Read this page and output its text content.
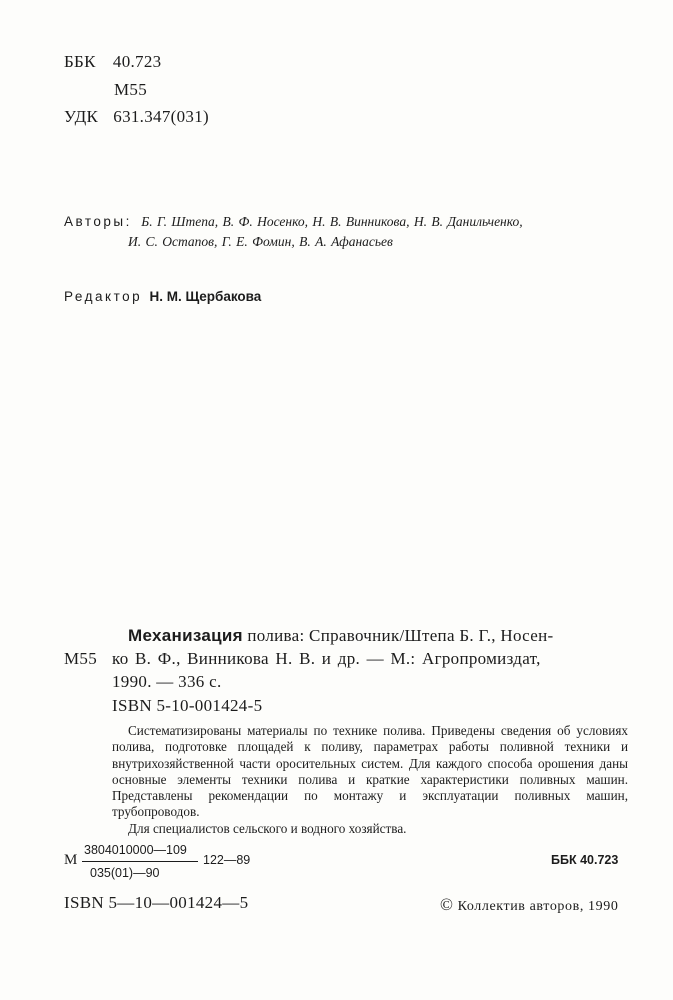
ББК 40.723
М55
УДК 631.347(031)
Авторы: Б. Г. Штепа, В. Ф. Носенко, Н. В. Винникова, Н. В. Данильченко,
И. С. Остапов, Г. Е. Фомин, В. А. Афанасьев
Редактор Н. М. Щербакова
Механизация полива: Справочник/Штепа Б. Г., Носен-
М55 ко В. Ф., Винникова Н. В. и др. — М.: Агропромиздат,
1990. — 336 с.
ISBN 5-10-001424-5

Систематизированы материалы по технике полива. Приведены сведения об условиях полива, подготовке площадей к поливу, параметрах работы поливной техники и внутрихозяйственной части оросительных систем. Для каждого способа орошения даны основные элементы техники полива и краткие характеристики поливных машин. Представлены рекомендации по монтажу и эксплуатации поливных машин, трубопроводов.

Для специалистов сельского и водного хозяйства.

М
3804010000—109
035(01)—90
122—89	ББК 40.723
ISBN 5—10—001424—5	© Коллектив авторов, 1990
